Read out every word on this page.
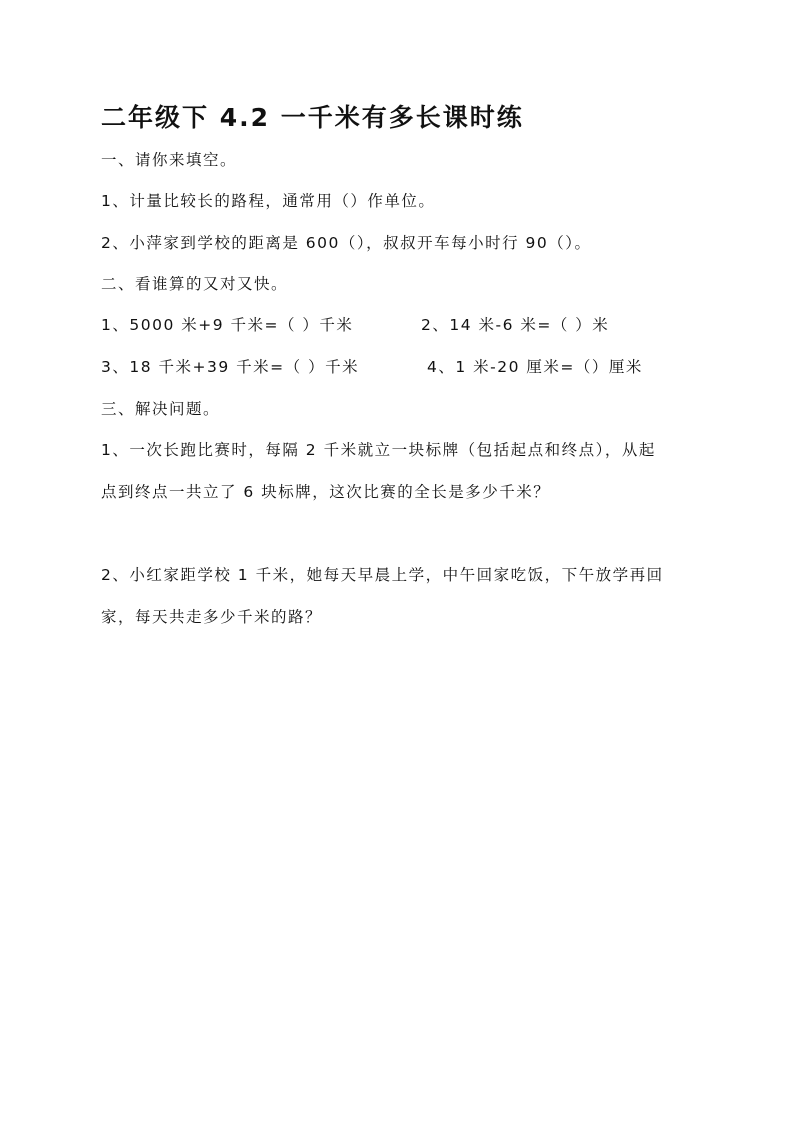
二年级下 4.2 一千米有多长课时练
一、请你来填空。
1、计量比较长的路程，通常用（）作单位。
2、小萍家到学校的距离是 600（），叔叔开车每小时行 90（）。
二、看谁算的又对又快。
1、5000 米+9 千米=（ ）千米	2、14 米-6 米=（ ）米
3、18 千米+39 千米=（ ）千米	4、1 米-20 厘米=（）厘米
三、解决问题。
1、一次长跑比赛时，每隔 2 千米就立一块标牌（包括起点和终点），从起
点到终点一共立了 6 块标牌，这次比赛的全长是多少千米？
2、小红家距学校 1 千米，她每天早晨上学，中午回家吃饭，下午放学再回
家，每天共走多少千米的路？
